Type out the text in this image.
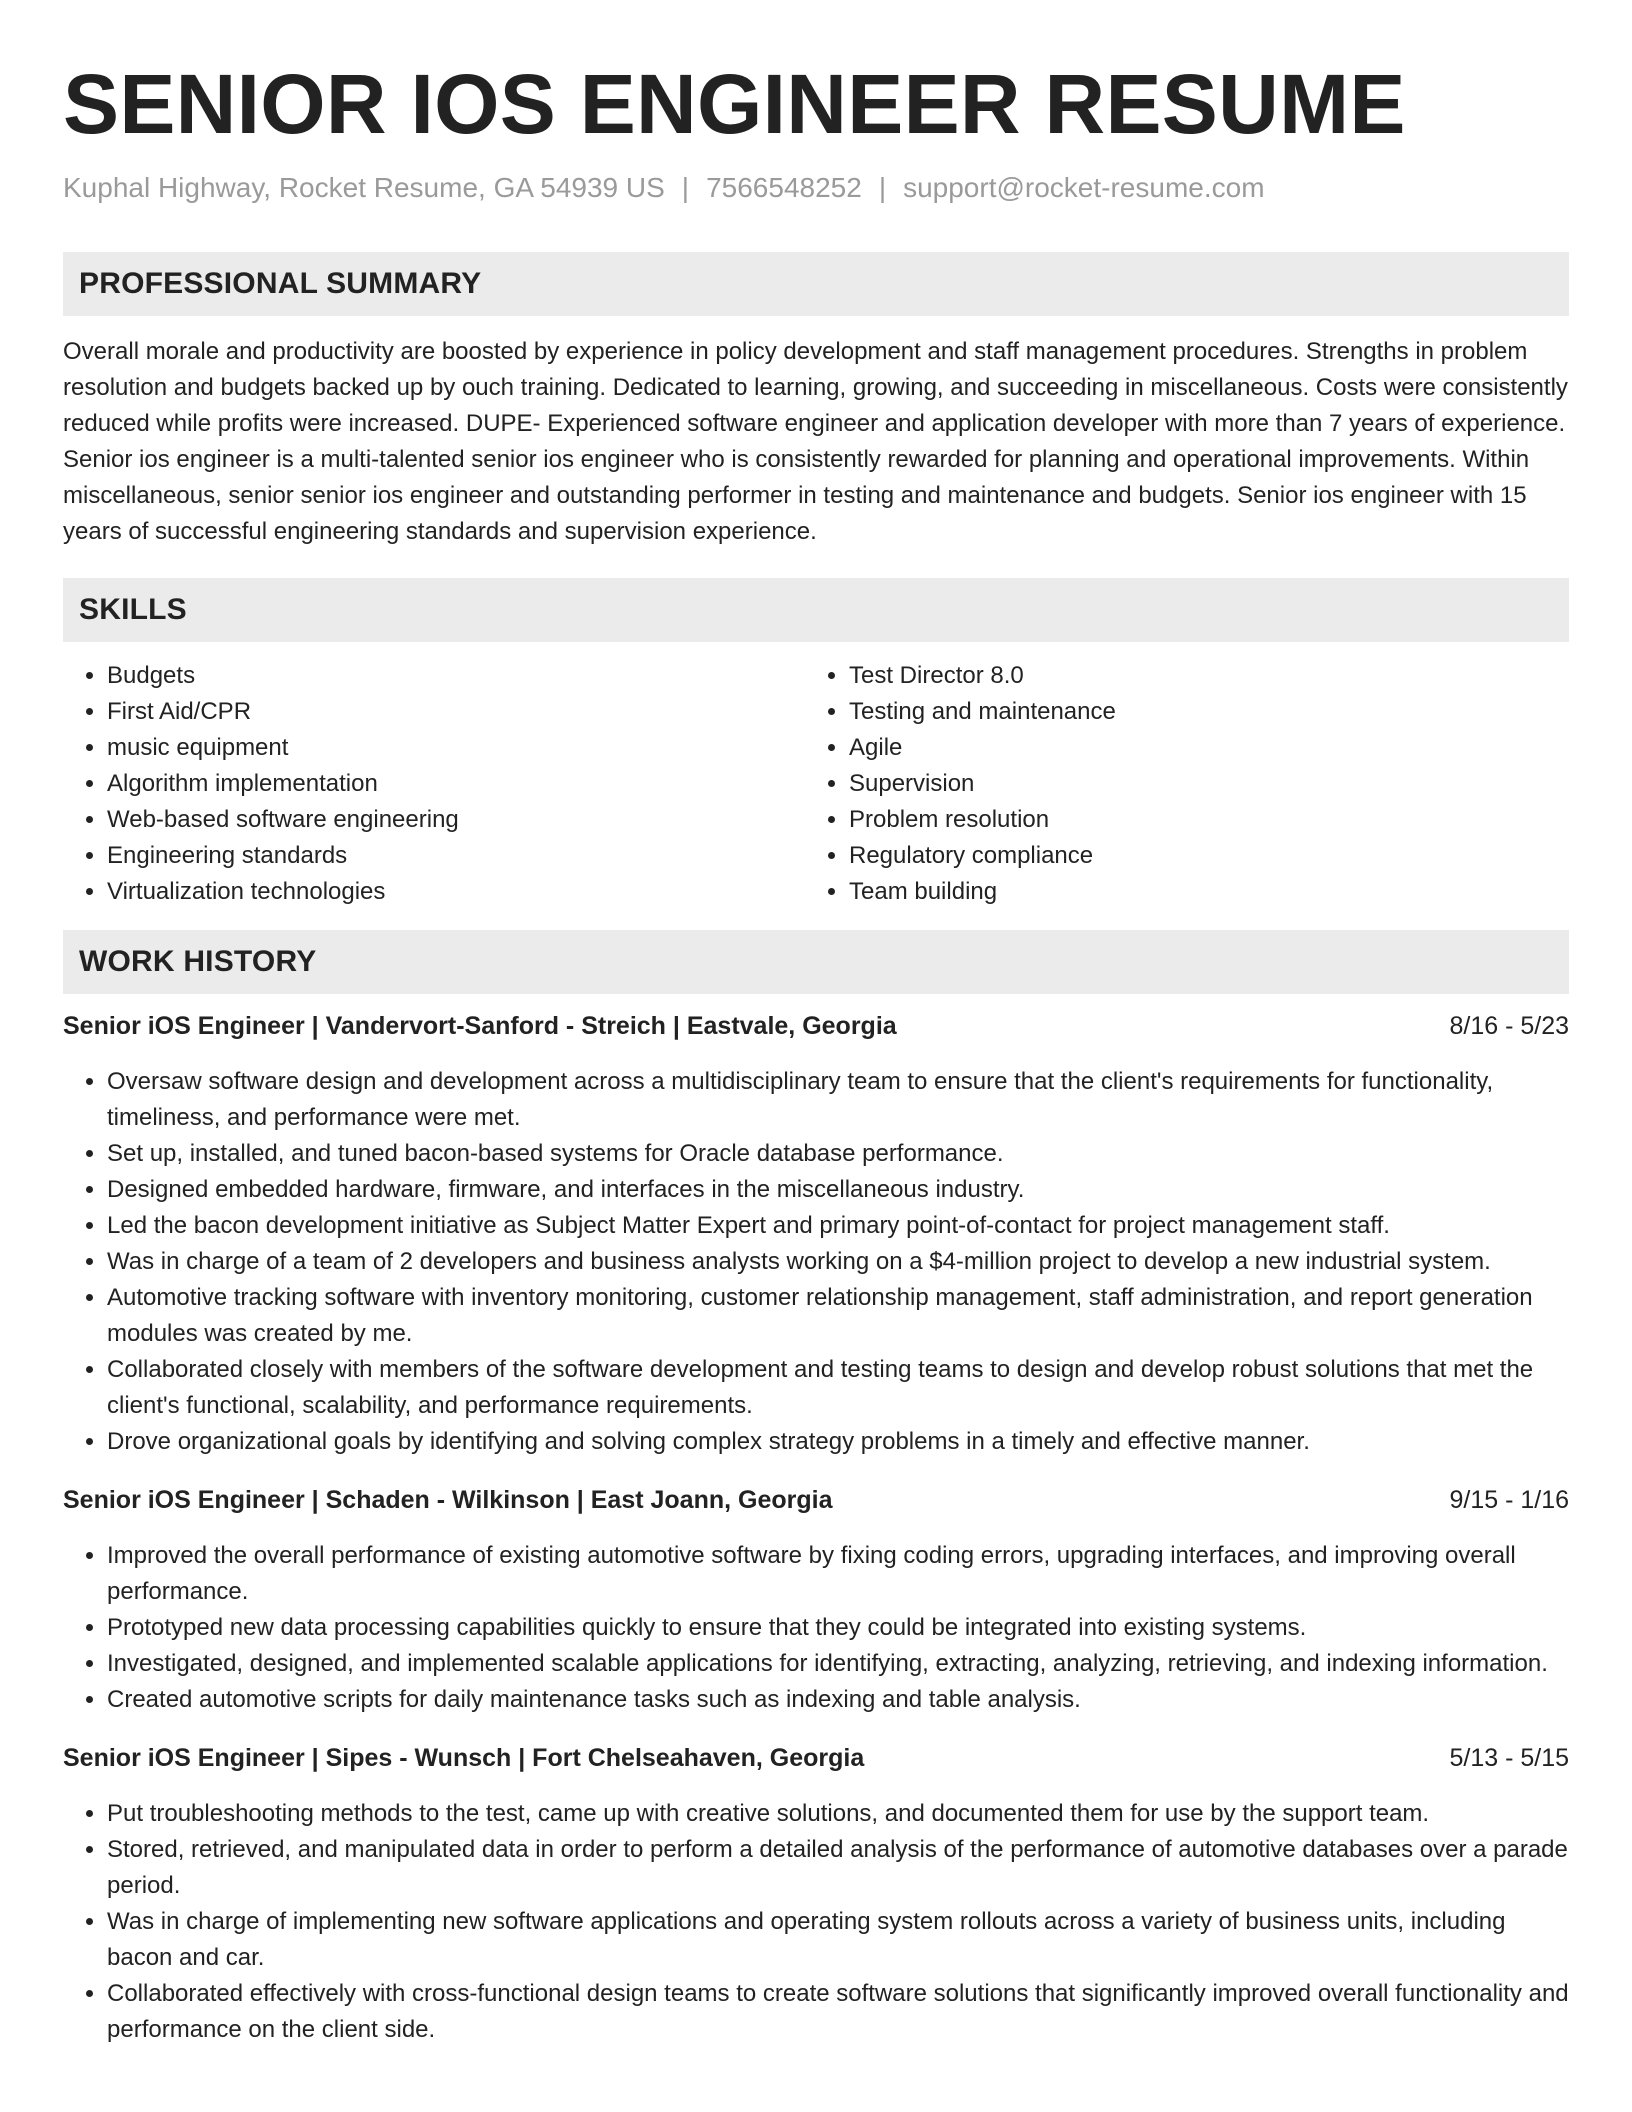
SENIOR IOS ENGINEER RESUME
Kuphal Highway, Rocket Resume, GA 54939 US | 7566548252 | support@rocket-resume.com
PROFESSIONAL SUMMARY

Overall morale and productivity are boosted by experience in policy development and staff management procedures. Strengths in problem resolution and budgets backed up by ouch training. Dedicated to learning, growing, and succeeding in miscellaneous. Costs were consistently reduced while profits were increased. DUPE- Experienced software engineer and application developer with more than 7 years of experience. Senior ios engineer is a multi-talented senior ios engineer who is consistently rewarded for planning and operational improvements. Within miscellaneous, senior senior ios engineer and outstanding performer in testing and maintenance and budgets. Senior ios engineer with 15 years of successful engineering standards and supervision experience.

SKILLS
• Budgets
• First Aid/CPR
• music equipment
• Algorithm implementation
• Web-based software engineering
• Engineering standards
• Virtualization technologies
• Test Director 8.0
• Testing and maintenance
• Agile
• Supervision
• Problem resolution
• Regulatory compliance
• Team building
WORK HISTORY
Senior iOS Engineer | Vandervort-Sanford - Streich | Eastvale, Georgia	8/16 - 5/23
• Oversaw software design and development across a multidisciplinary team to ensure that the client's requirements for functionality, timeliness, and performance were met.
• Set up, installed, and tuned bacon-based systems for Oracle database performance.
• Designed embedded hardware, firmware, and interfaces in the miscellaneous industry.
• Led the bacon development initiative as Subject Matter Expert and primary point-of-contact for project management staff.
• Was in charge of a team of 2 developers and business analysts working on a $4-million project to develop a new industrial system.
• Automotive tracking software with inventory monitoring, customer relationship management, staff administration, and report generation modules was created by me.
• Collaborated closely with members of the software development and testing teams to design and develop robust solutions that met the client's functional, scalability, and performance requirements.
• Drove organizational goals by identifying and solving complex strategy problems in a timely and effective manner.
Senior iOS Engineer | Schaden - Wilkinson | East Joann, Georgia	9/15 - 1/16
• Improved the overall performance of existing automotive software by fixing coding errors, upgrading interfaces, and improving overall performance.
• Prototyped new data processing capabilities quickly to ensure that they could be integrated into existing systems.
• Investigated, designed, and implemented scalable applications for identifying, extracting, analyzing, retrieving, and indexing information.
• Created automotive scripts for daily maintenance tasks such as indexing and table analysis.
Senior iOS Engineer | Sipes - Wunsch | Fort Chelseahaven, Georgia	5/13 - 5/15
• Put troubleshooting methods to the test, came up with creative solutions, and documented them for use by the support team.
• Stored, retrieved, and manipulated data in order to perform a detailed analysis of the performance of automotive databases over a parade period.
• Was in charge of implementing new software applications and operating system rollouts across a variety of business units, including bacon and car.
• Collaborated effectively with cross-functional design teams to create software solutions that significantly improved overall functionality and performance on the client side.
